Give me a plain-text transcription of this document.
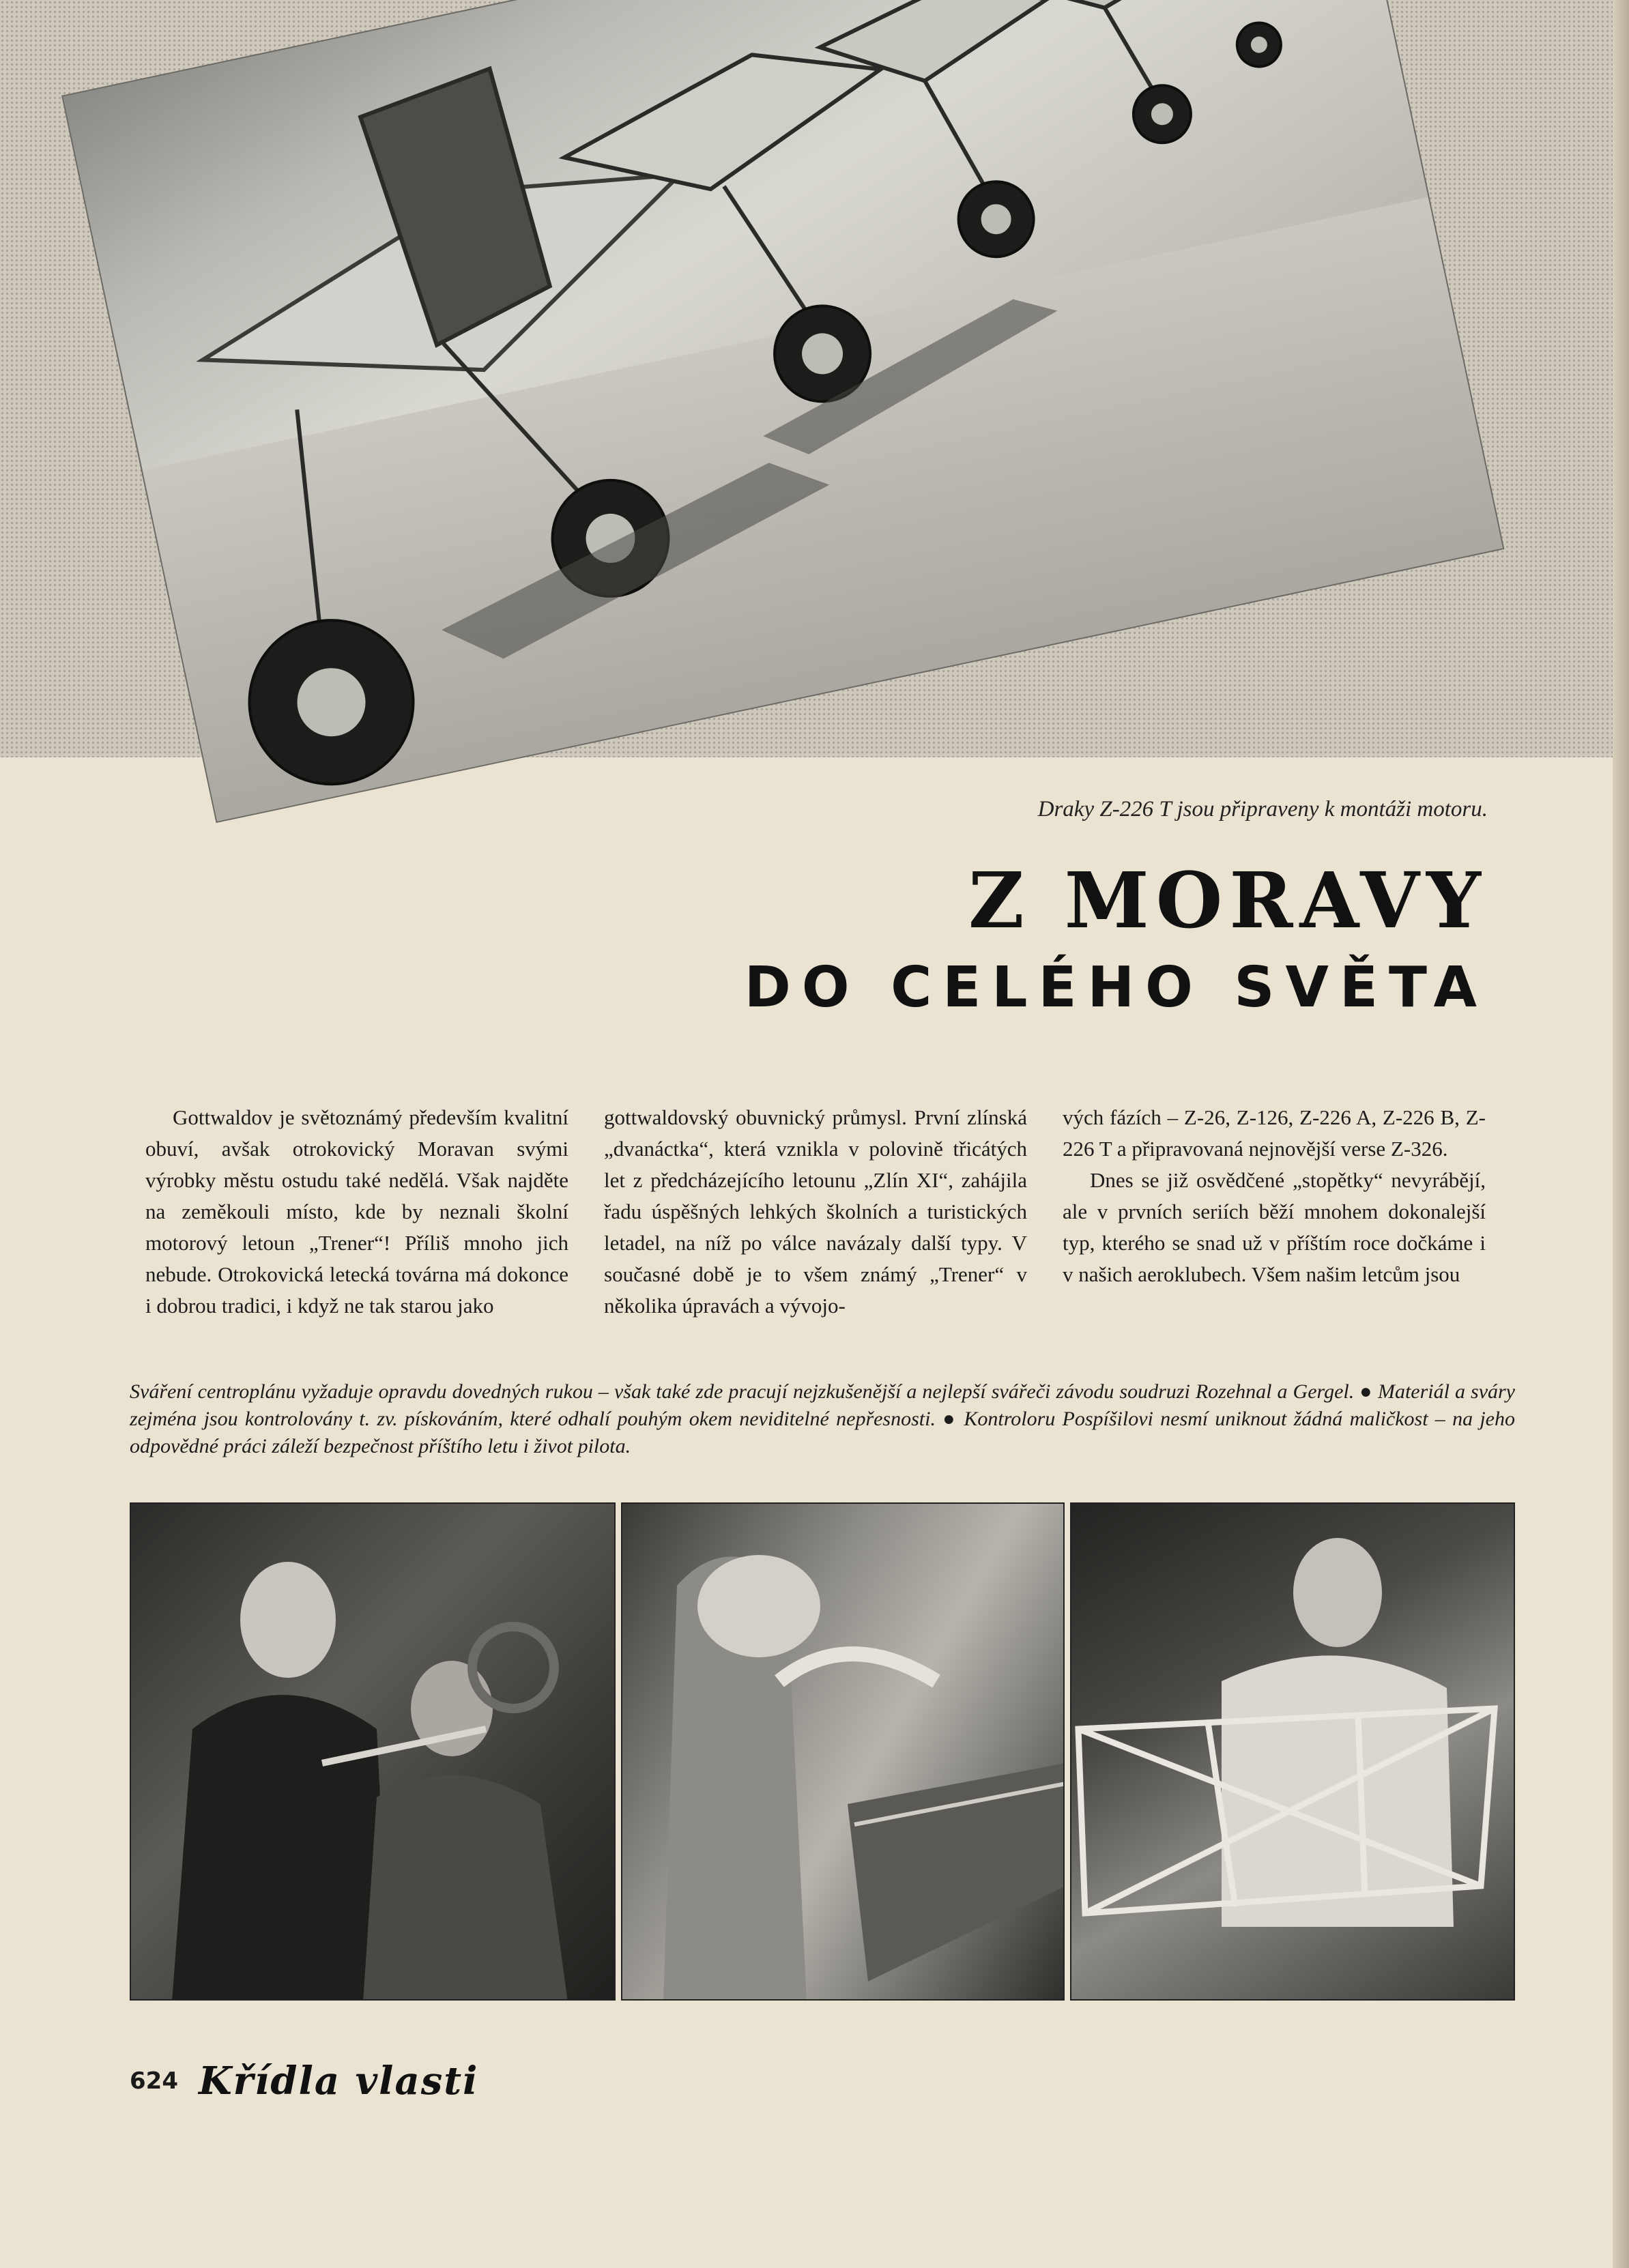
Draky Z-226 T jsou připraveny k montáži motoru.
Z MORAVY
DO CELÉHO SVĚTA

Gottwaldov je světoznámý především kvalitní obuví, avšak otrokovický Moravan svými výrobky městu ostudu také nedělá. Však najděte na zeměkouli místo, kde by neznali školní motorový letoun „Trener“! Příliš mnoho jich nebude. Otrokovická letecká továrna má dokonce i dobrou tradici, i když ne tak starou jako

gottwaldovský obuvnický průmysl. První zlínská „dvanáctka“, která vznikla v polovině třicátých let z předcházejícího letounu „Zlín XI“, zahájila řadu úspěšných lehkých školních a turistických letadel, na níž po válce navázaly další typy. V současné době je to všem známý „Trener“ v několika úpravách a vývojo-

vých fázích – Z-26, Z-126, Z-226 A, Z-226 B, Z-226 T a připravovaná nejnovější verse Z-326.

Dnes se již osvědčené „stopětky“ nevyrábějí, ale v prvních seriích běží mnohem dokonalejší typ, kterého se snad už v příštím roce dočkáme i v našich aeroklubech. Všem našim letcům jsou

Sváření centroplánu vyžaduje opravdu dovedných rukou – však také zde pracují nejzkušenější a nejlepší svářeči závodu soudruzi Rozehnal a Gergel. ● Materiál a sváry zejména jsou kontrolovány t. zv. pískováním, které odhalí pouhým okem neviditelné nepřesnosti. ● Kontroloru Pospíšilovi nesmí uniknout žádná maličkost – na jeho odpovědné práci záleží bezpečnost příštího letu i život pilota.
624 Křídla vlasti
